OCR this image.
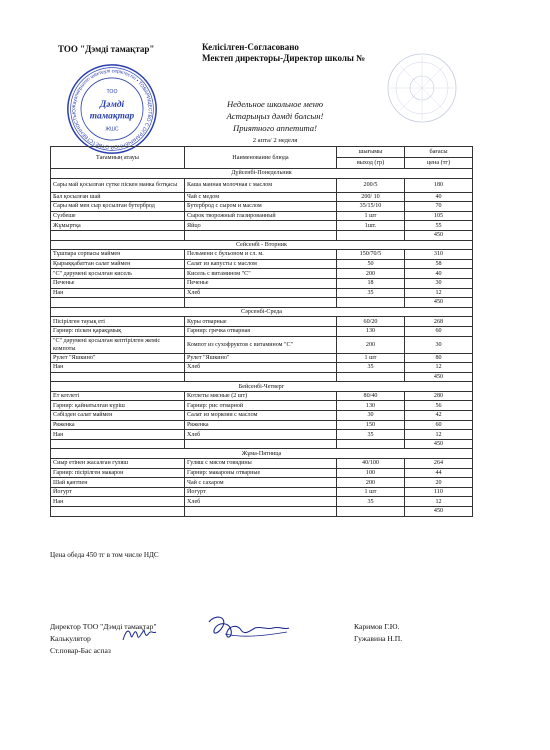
ТОО "Дэмді тамақтар"	Келісілген-Согласовано
Мектеп директоры-Директор школы №
Жауапкершілігі шектеулі серіктестігі • ТОВАРИЩЕСТВО С ОГРАНИЧЕННОЙ ОТВЕТСТВЕННОСТЬЮ
ТОО
Дәмді
тамақтар
ЖШС
Недельное школьное меню
Астарыңыз дәмді болсын!
Приятного аппетита!
2 апта/ 2 неделя
Тағамның атауы	Наименование блюда	шығымы	бағасы
		выход (гр)	цена (тг)
Дүйсенбі-Понедельник			
Сары май қосылған сүтке піскен манка ботқасы	Каша манная молочная с маслом	200/5	180
Бал қосылған шай	Чай с медом	200/ 10	40
Сары май мен сыр қосылған бутерброд	Бутерброд с сыром и маслом	35/15/10	70
Сүзбеше	Сырок творожный глазированный	1 шт	105
Жұмыртқа	Яйцо	1шт.	55
			450
Сейсенбі - Вторник			
Тұшпара сорпасы маймен	Пельмени с бульоном и сл. м.	150/70/5	310
Қырыққабаттан салат маймен	Салат из капусты с маслом	50	58
"С" дәрумені қосылған кисель	Кисель с витамином "С"	200	40
Печенье	Печенье	18	30
Нан	Хлеб	35	12
			450
Сәрсенбі-Среда			
Пісірілген тауық еті	Куры отварные	60/20	268
Гарнир: піскен қарақұмық	Гарнир: гречка отварная	130	60
"С" дәрумені қосылған кептірілген жеміс компоты	Компот из сухофруктов с витамином "С"	200	30
Рулет "Яшкино"	Рулет "Яшкино"	1 шт	80
Нан	Хлеб	35	12
			450
Бейсенбі-Четверг			
Ет котлеті	Котлеты мясные (2 шт)	80/40	280
Гарнир: қайнатылған күріш	Гарнир: рис отварной	130	56
Сәбізден салат маймен	Салат из моркови с маслом	30	42
Ряженка	Ряженка	150	60
Нан	Хлеб	35	12
			450
Жұма-Пятница			
Сиыр етінен жасалған гуляш	Гуляш с мясом говядины	40/100	264
Гарнир: пісірілген макарон	Гарнир: макароны отварные	100	44
Шай қантпен	Чай с сахаром	200	20
Йогурт	Йогурт	1 шт	110
Нан	Хлеб	35	12
			450
Цена обеда 450 тг в том числе НДС
Директор ТОО "Дэмді тамақтар"	Каримов Г.Ю.
Калькулятор	Гужавина Н.П.
Ст.повар-Бас аспаз
